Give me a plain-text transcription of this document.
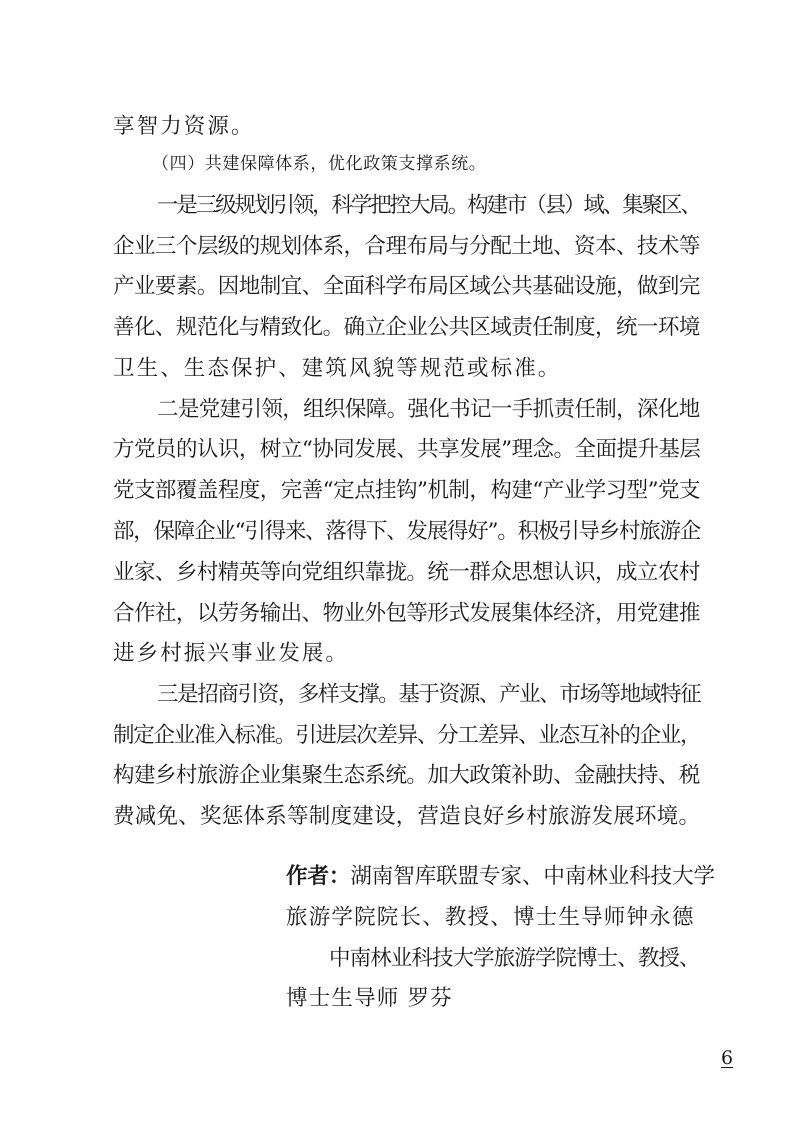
享智力资源。
（四）共建保障体系，优化政策支撑系统。
一是三级规划引领，科学把控大局。构建市（县）域、集聚区、
企业三个层级的规划体系，合理布局与分配土地、资本、技术等
产业要素。因地制宜、全面科学布局区域公共基础设施，做到完
善化、规范化与精致化。确立企业公共区域责任制度，统一环境
卫生、生态保护、建筑风貌等规范或标准。
二是党建引领，组织保障。强化书记一手抓责任制，深化地
方党员的认识，树立“协同发展、共享发展”理念。全面提升基层
党支部覆盖程度，完善“定点挂钩”机制，构建“产业学习型”党支
部，保障企业“引得来、落得下、发展得好”。积极引导乡村旅游企
业家、乡村精英等向党组织靠拢。统一群众思想认识，成立农村
合作社，以劳务输出、物业外包等形式发展集体经济，用党建推
进乡村振兴事业发展。
三是招商引资，多样支撑。基于资源、产业、市场等地域特征
制定企业准入标准。引进层次差异、分工差异、业态互补的企业，
构建乡村旅游企业集聚生态系统。加大政策补助、金融扶持、税
费减免、奖惩体系等制度建设，营造良好乡村旅游发展环境。
作者：湖南智库联盟专家、中南林业科技大学
旅游学院院长、教授、博士生导师钟永德
中南林业科技大学旅游学院博士、教授、
博士生导师 罗芬
6
